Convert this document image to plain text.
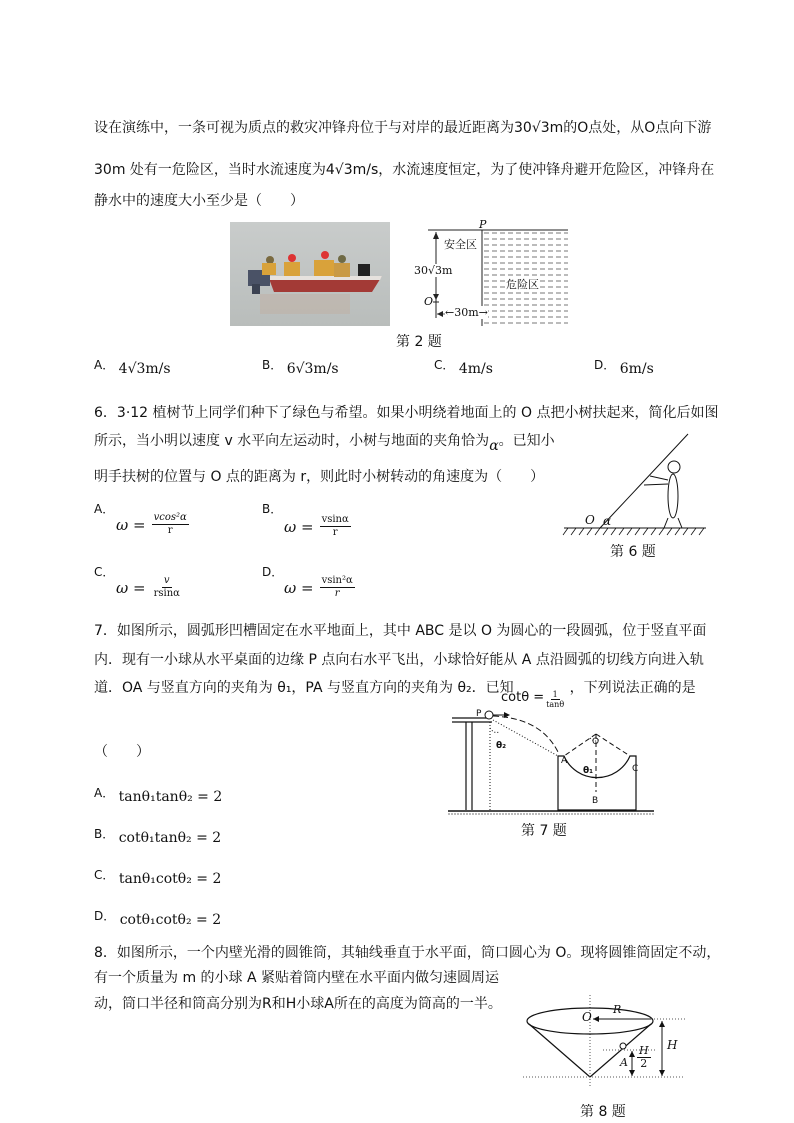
设在演练中，一条可视为质点的救灾冲锋舟位于与对岸的最近距离为30√3m的O点处，从O点向下游
30m 处有一危险区，当时水流速度为4√3m/s，水流速度恒定，为了使冲锋舟避开危险区，冲锋舟在
静水中的速度大小至少是（　　）
P
安全区
危险区
30√3m
O
←30m→
第 2 题
A． 4√3m/s	B． 6√3m/s	C． 4m/s	D． 6m/s
6．3·12 植树节上同学们种下了绿色与希望。如果小明绕着地面上的 O 点把小树扶起来，简化后如图
所示，当小明以速度 v 水平向左运动时，小树与地面的夹角恰为α。已知小
明手扶树的位置与 O 点的距离为 r，则此时小树转动的角速度为（　　）
A．
$\omega = \frac{\text{vcos²α}}{r}$
B．
$\omega = \frac{vsin\alpha}{r}$
C．
$\omega = \frac{v}{rsin\alpha}$
D．
$\omega = \frac{\text{vsin²α}}{r}$
O α
第 6 题
7．如图所示，圆弧形凹槽固定在水平地面上，其中 ABC 是以 O 为圆心的一段圆弧，位于竖直平面
内．现有一小球从水平桌面的边缘 P 点向右水平飞出，小球恰好能从 A 点沿圆弧的切线方向进入轨
道．OA 与竖直方向的夹角为 θ₁，PA 与竖直方向的夹角为 θ₂．已知	，下列说法正确的是
$\cot\theta = \frac{1}{\tan\theta}$
（　　）
A． tanθ₁tanθ₂ = 2
B． cotθ₁tanθ₂ = 2
C． tanθ₁cotθ₂ = 2
D． cotθ₁cotθ₂ = 2
P
θ₂	O
θ₁
A
B
C
第 7 题
8．如图所示，一个内壁光滑的圆锥筒，其轴线垂直于水平面，筒口圆心为 O。现将圆锥筒固定不动，
有一个质量为 m 的小球 A 紧贴着筒内壁在水平面内做匀速圆周运
动，筒口半径和筒高分别为R和H小球A所在的高度为筒高的一半。
O
R
H
A $\frac{H}{2}$
第 8 题
